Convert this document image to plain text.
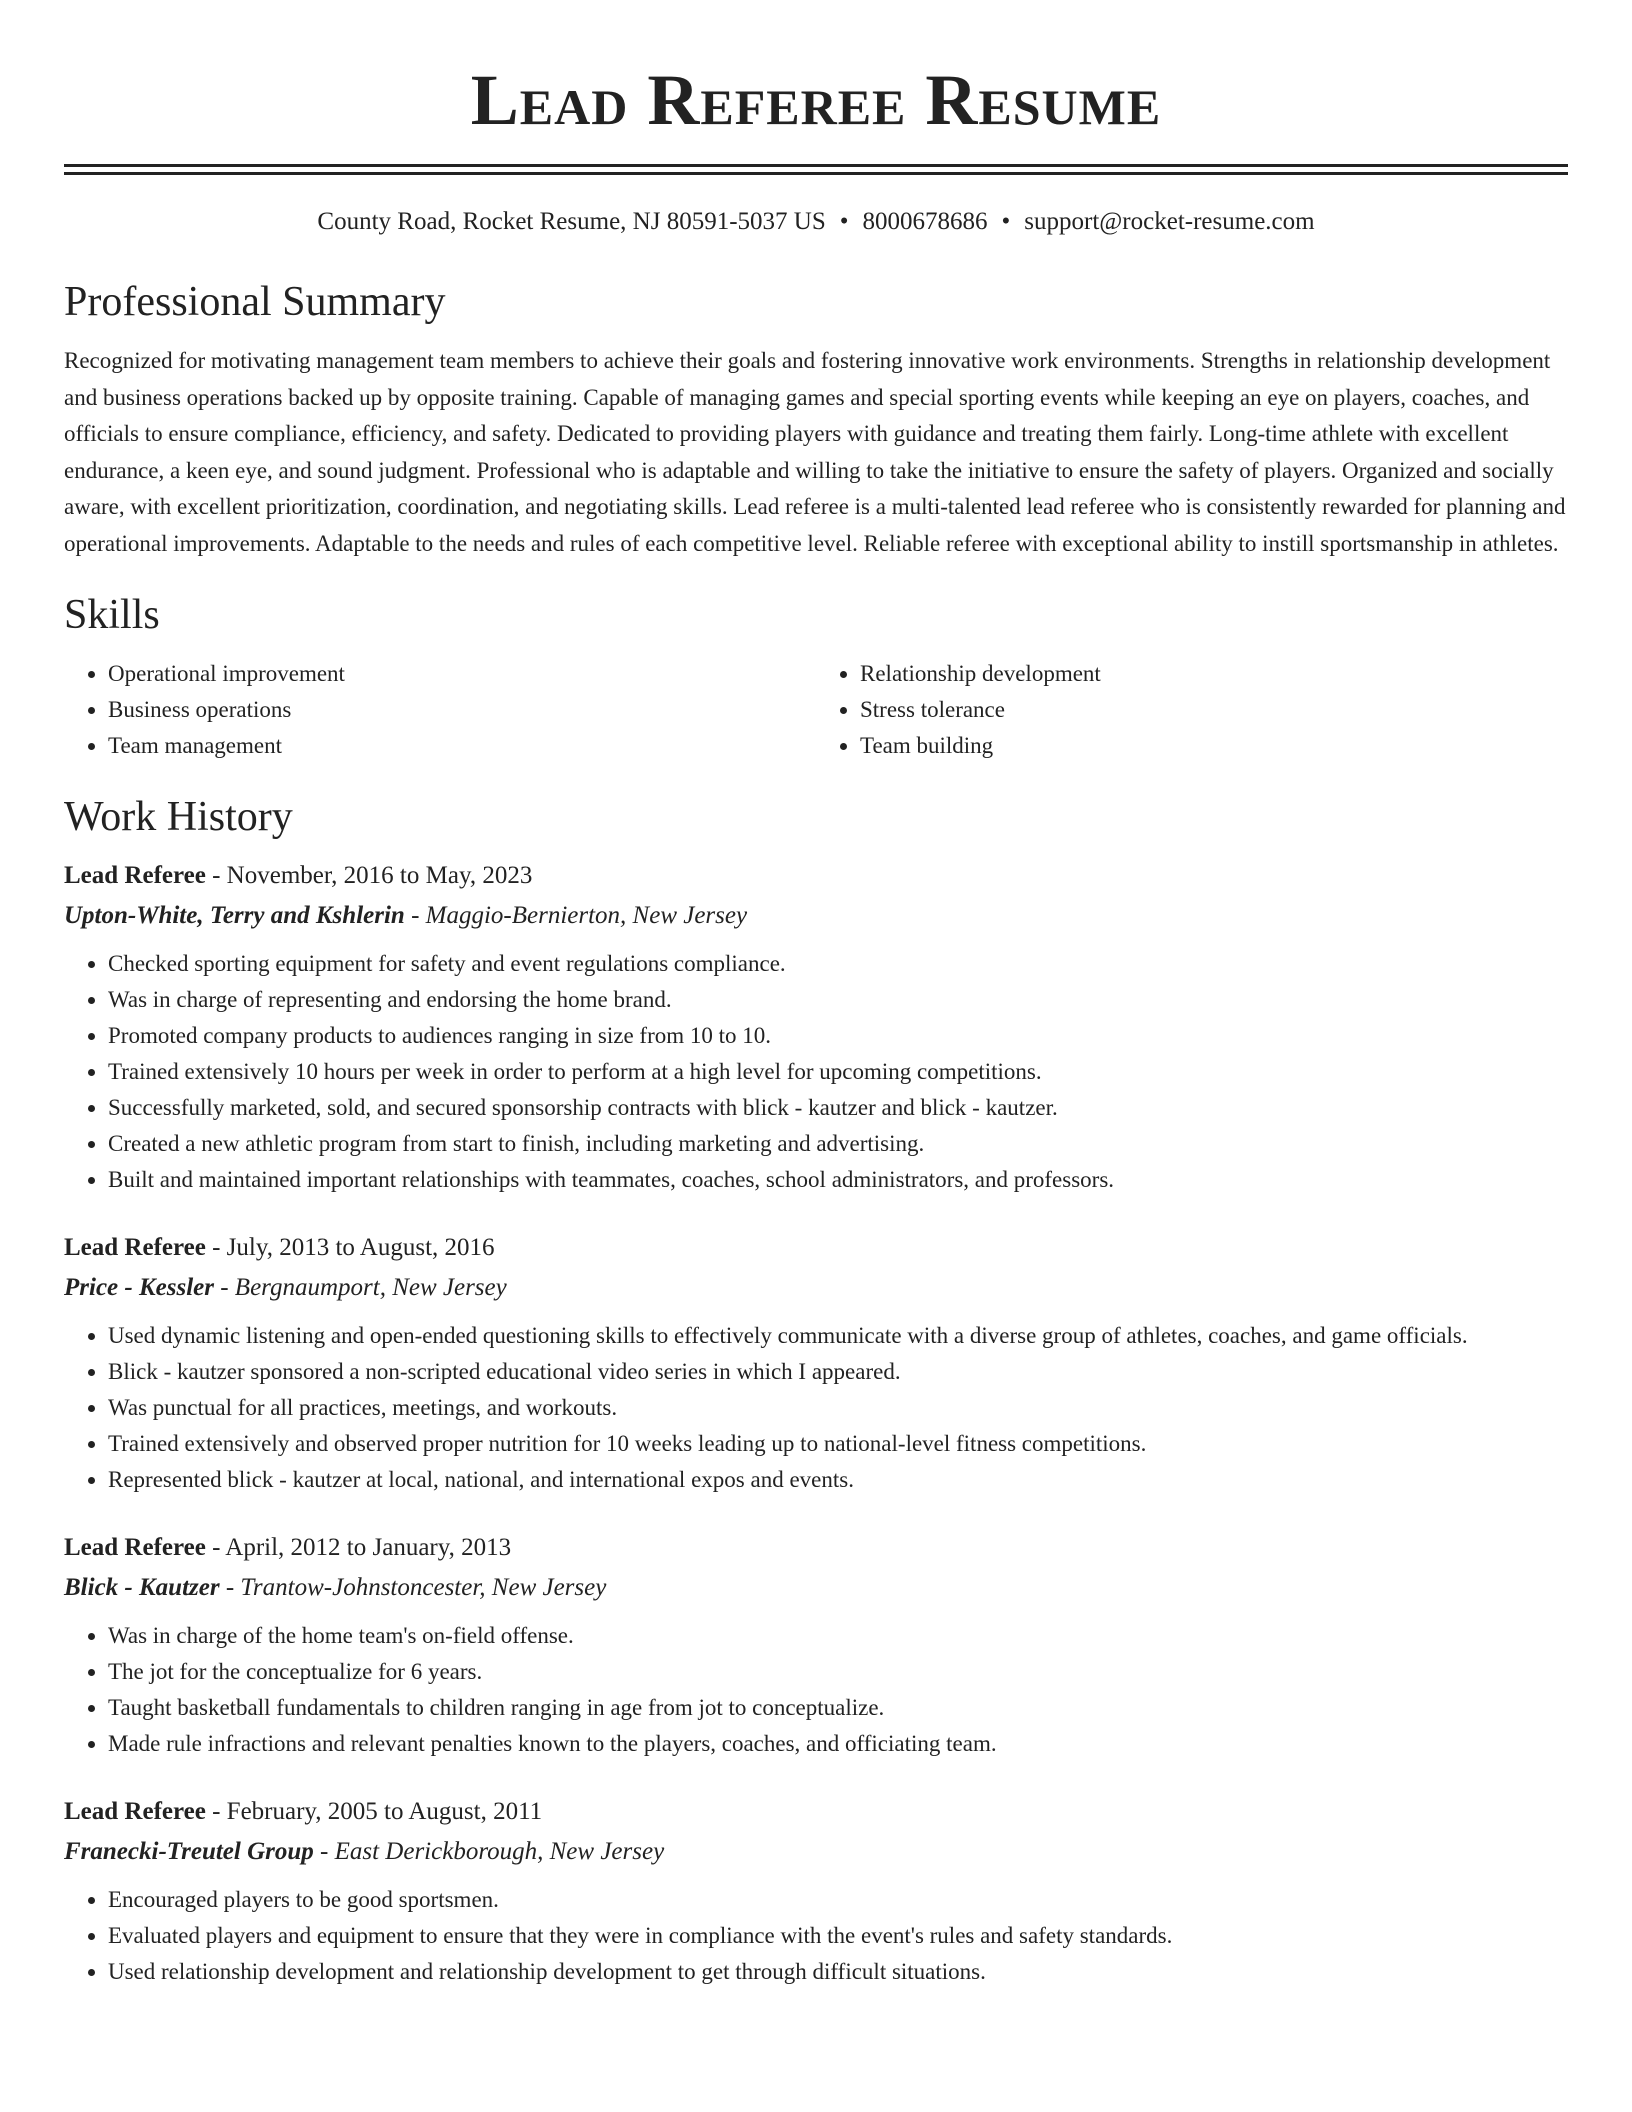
Lead Referee Resume
County Road, Rocket Resume, NJ 80591-5037 US • 8000678686 • support@rocket-resume.com
Professional Summary

Recognized for motivating management team members to achieve their goals and fostering innovative work environments. Strengths in relationship development and business operations backed up by opposite training. Capable of managing games and special sporting events while keeping an eye on players, coaches, and officials to ensure compliance, efficiency, and safety. Dedicated to providing players with guidance and treating them fairly. Long-time athlete with excellent endurance, a keen eye, and sound judgment. Professional who is adaptable and willing to take the initiative to ensure the safety of players. Organized and socially aware, with excellent prioritization, coordination, and negotiating skills. Lead referee is a multi-talented lead referee who is consistently rewarded for planning and operational improvements. Adaptable to the needs and rules of each competitive level. Reliable referee with exceptional ability to instill sportsmanship in athletes.

Skills
• Operational improvement
• Business operations
• Team management
• Relationship development
• Stress tolerance
• Team building
Work History
Lead Referee - November, 2016 to May, 2023
Upton-White, Terry and Kshlerin - Maggio-Bernierton, New Jersey
• Checked sporting equipment for safety and event regulations compliance.
• Was in charge of representing and endorsing the home brand.
• Promoted company products to audiences ranging in size from 10 to 10.
• Trained extensively 10 hours per week in order to perform at a high level for upcoming competitions.
• Successfully marketed, sold, and secured sponsorship contracts with blick - kautzer and blick - kautzer.
• Created a new athletic program from start to finish, including marketing and advertising.
• Built and maintained important relationships with teammates, coaches, school administrators, and professors.
Lead Referee - July, 2013 to August, 2016
Price - Kessler - Bergnaumport, New Jersey
• Used dynamic listening and open-ended questioning skills to effectively communicate with a diverse group of athletes, coaches, and game officials.
• Blick - kautzer sponsored a non-scripted educational video series in which I appeared.
• Was punctual for all practices, meetings, and workouts.
• Trained extensively and observed proper nutrition for 10 weeks leading up to national-level fitness competitions.
• Represented blick - kautzer at local, national, and international expos and events.
Lead Referee - April, 2012 to January, 2013
Blick - Kautzer - Trantow-Johnstoncester, New Jersey
• Was in charge of the home team's on-field offense.
• The jot for the conceptualize for 6 years.
• Taught basketball fundamentals to children ranging in age from jot to conceptualize.
• Made rule infractions and relevant penalties known to the players, coaches, and officiating team.
Lead Referee - February, 2005 to August, 2011
Franecki-Treutel Group - East Derickborough, New Jersey
• Encouraged players to be good sportsmen.
• Evaluated players and equipment to ensure that they were in compliance with the event's rules and safety standards.
• Used relationship development and relationship development to get through difficult situations.
